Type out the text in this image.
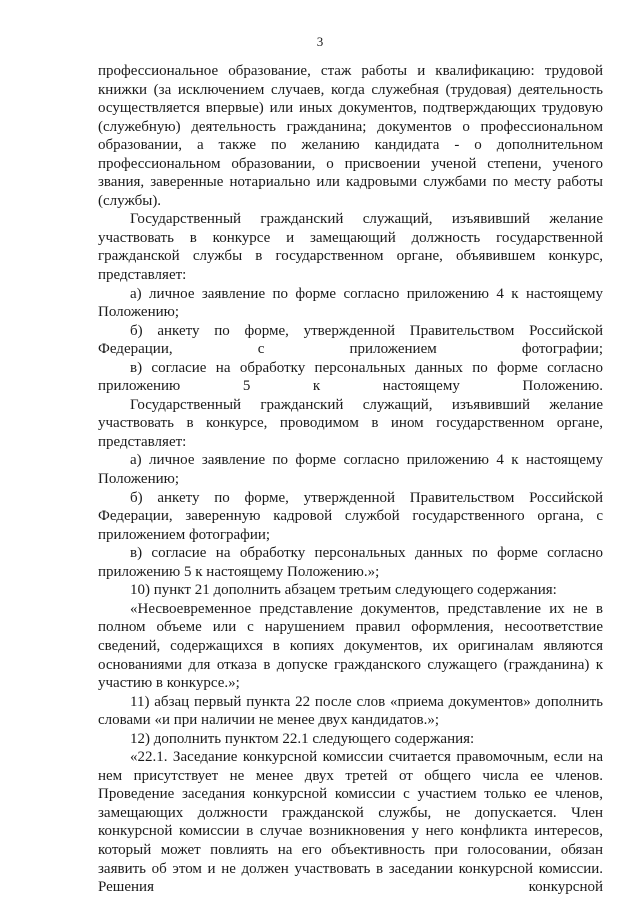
3

профессиональное образование, стаж работы и квалификацию: трудовой книжки (за исключением случаев, когда служебная (трудовая) деятельность осуществляется впервые) или иных документов, подтверждающих трудовую (служебную) деятельность гражданина; документов о профессиональном образовании, а также по желанию кандидата - о дополнительном профессиональном образовании, о присвоении ученой степени, ученого звания, заверенные нотариально или кадровыми службами по месту работы (службы).

Государственный гражданский служащий, изъявивший желание участвовать в конкурсе и замещающий должность государственной гражданской службы в государственном органе, объявившем конкурс, представляет:

а) личное заявление по форме согласно приложению 4 к настоящему Положению;

б) анкету по форме, утвержденной Правительством Российской Федерации, с приложением фотографии;

в) согласие на обработку персональных данных по форме согласно приложению 5 к настоящему Положению.

Государственный гражданский служащий, изъявивший желание участвовать в конкурсе, проводимом в ином государственном органе, представляет:

а) личное заявление по форме согласно приложению 4 к настоящему Положению;

б) анкету по форме, утвержденной Правительством Российской Федерации, заверенную кадровой службой государственного органа, с приложением фотографии;

в) согласие на обработку персональных данных по форме согласно приложению 5 к настоящему Положению.»;

10) пункт 21 дополнить абзацем третьим следующего содержания:

«Несвоевременное представление документов, представление их не в полном объеме или с нарушением правил оформления, несоответствие сведений, содержащихся в копиях документов, их оригиналам являются основаниями для отказа в допуске гражданского служащего (гражданина) к участию в конкурсе.»;

11) абзац первый пункта 22 после слов «приема документов» дополнить словами «и при наличии не менее двух кандидатов.»;

12) дополнить пунктом 22.1 следующего содержания:

«22.1. Заседание конкурсной комиссии считается правомочным, если на нем присутствует не менее двух третей от общего числа ее членов. Проведение заседания конкурсной комиссии с участием только ее членов, замещающих должности гражданской службы, не допускается. Член конкурсной комиссии в случае возникновения у него конфликта интересов, который может повлиять на его объективность при голосовании, обязан заявить об этом и не должен участвовать в заседании конкурсной комиссии. Решения конкурсной
